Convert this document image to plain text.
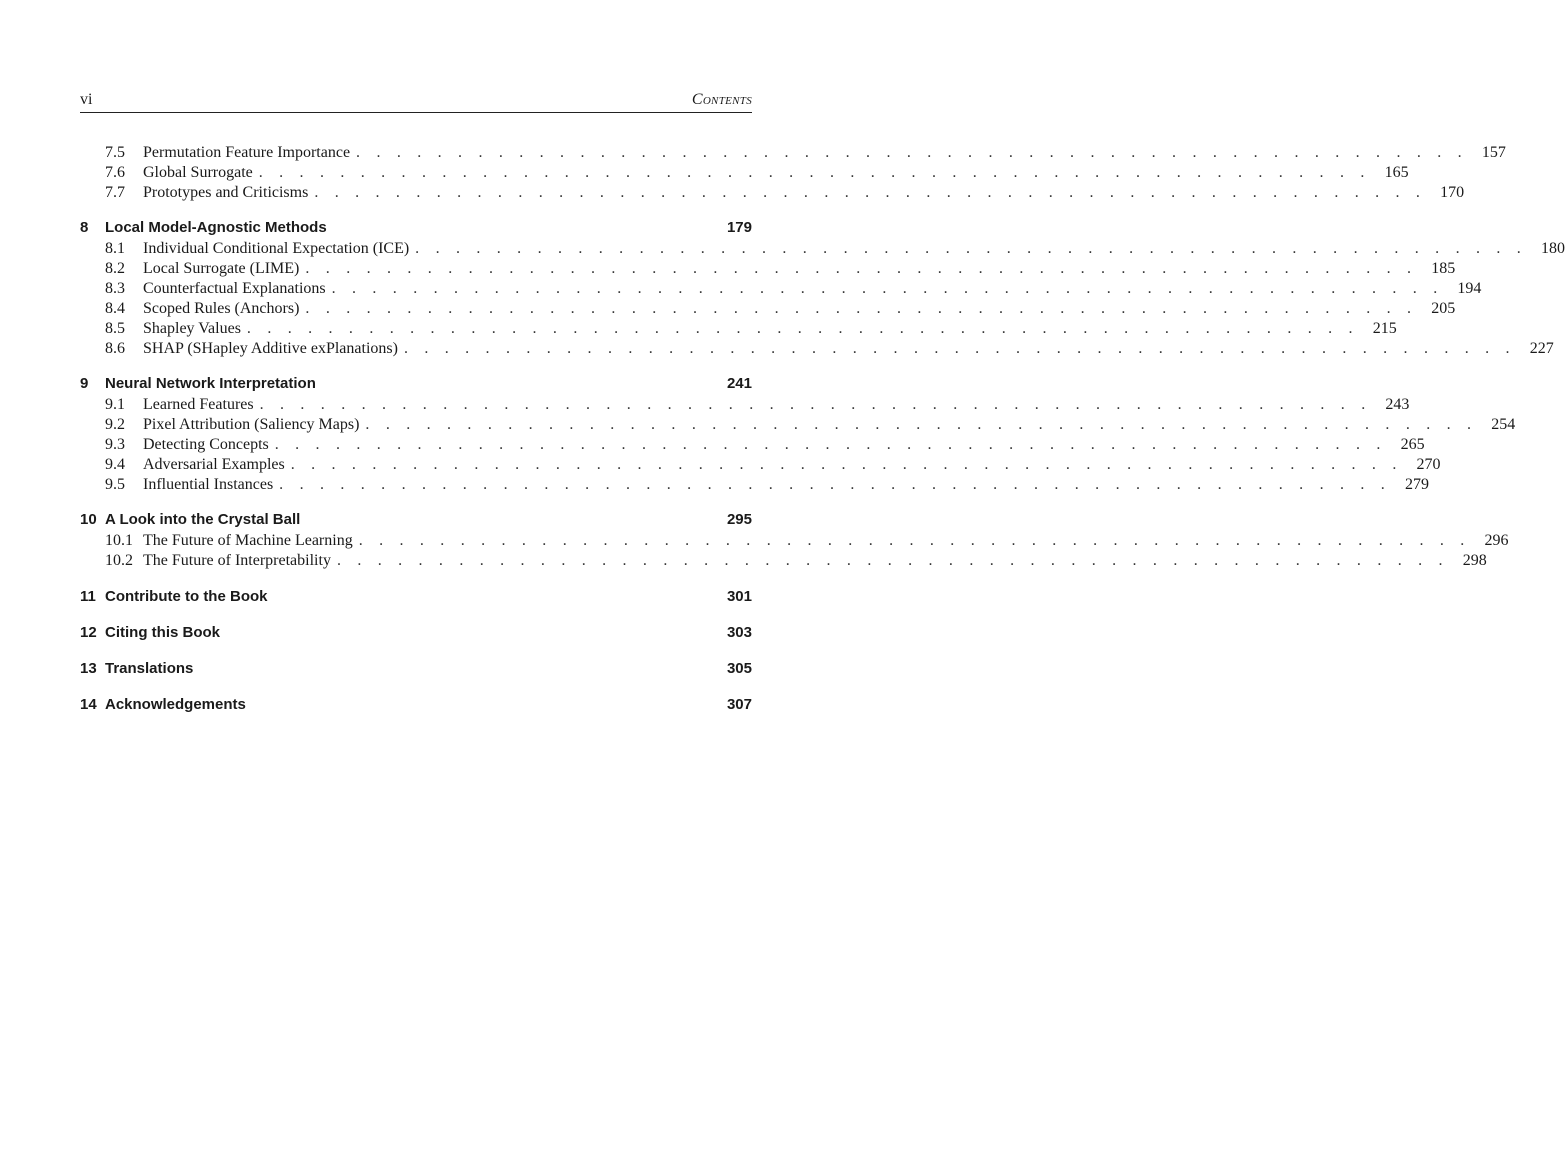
vi	Contents
7.5	Permutation Feature Importance . . . . . . . . . . . . . . . . . . . . . . . . . . . . . . . . . . . . . . . . . . . . . . . . . . . . . . . 157
7.6	Global Surrogate . . . . . . . . . . . . . . . . . . . . . . . . . . . . . . . . . . . . . . . . . . . . . . . . . . . . . . . 165
7.7	Prototypes and Criticisms . . . . . . . . . . . . . . . . . . . . . . . . . . . . . . . . . . . . . . . . . . . . . . . . . . . . . . . 170
8	Local Model-Agnostic Methods	179
8.1	Individual Conditional Expectation (ICE) . . . . . . . . . . . . . . . . . . . . . . . . . . . . . . . . . . . . . . . . . . . . . . . . . . . . . . . 180
8.2	Local Surrogate (LIME) . . . . . . . . . . . . . . . . . . . . . . . . . . . . . . . . . . . . . . . . . . . . . . . . . . . . . . . 185
8.3	Counterfactual Explanations . . . . . . . . . . . . . . . . . . . . . . . . . . . . . . . . . . . . . . . . . . . . . . . . . . . . . . . 194
8.4	Scoped Rules (Anchors) . . . . . . . . . . . . . . . . . . . . . . . . . . . . . . . . . . . . . . . . . . . . . . . . . . . . . . . 205
8.5	Shapley Values . . . . . . . . . . . . . . . . . . . . . . . . . . . . . . . . . . . . . . . . . . . . . . . . . . . . . . . 215
8.6	SHAP (SHapley Additive exPlanations) . . . . . . . . . . . . . . . . . . . . . . . . . . . . . . . . . . . . . . . . . . . . . . . . . . . . . . . 227
9	Neural Network Interpretation	241
9.1	Learned Features . . . . . . . . . . . . . . . . . . . . . . . . . . . . . . . . . . . . . . . . . . . . . . . . . . . . . . . 243
9.2	Pixel Attribution (Saliency Maps) . . . . . . . . . . . . . . . . . . . . . . . . . . . . . . . . . . . . . . . . . . . . . . . . . . . . . . . 254
9.3	Detecting Concepts . . . . . . . . . . . . . . . . . . . . . . . . . . . . . . . . . . . . . . . . . . . . . . . . . . . . . . . 265
9.4	Adversarial Examples . . . . . . . . . . . . . . . . . . . . . . . . . . . . . . . . . . . . . . . . . . . . . . . . . . . . . . . 270
9.5	Influential Instances . . . . . . . . . . . . . . . . . . . . . . . . . . . . . . . . . . . . . . . . . . . . . . . . . . . . . . . 279
10 A Look into the Crystal Ball	295
10.1 The Future of Machine Learning . . . . . . . . . . . . . . . . . . . . . . . . . . . . . . . . . . . . . . . . . . . . . . . . . . . . . . . 296
10.2 The Future of Interpretability . . . . . . . . . . . . . . . . . . . . . . . . . . . . . . . . . . . . . . . . . . . . . . . . . . . . . . . 298
11 Contribute to the Book	301
12 Citing this Book	303
13 Translations	305
14 Acknowledgements	307
